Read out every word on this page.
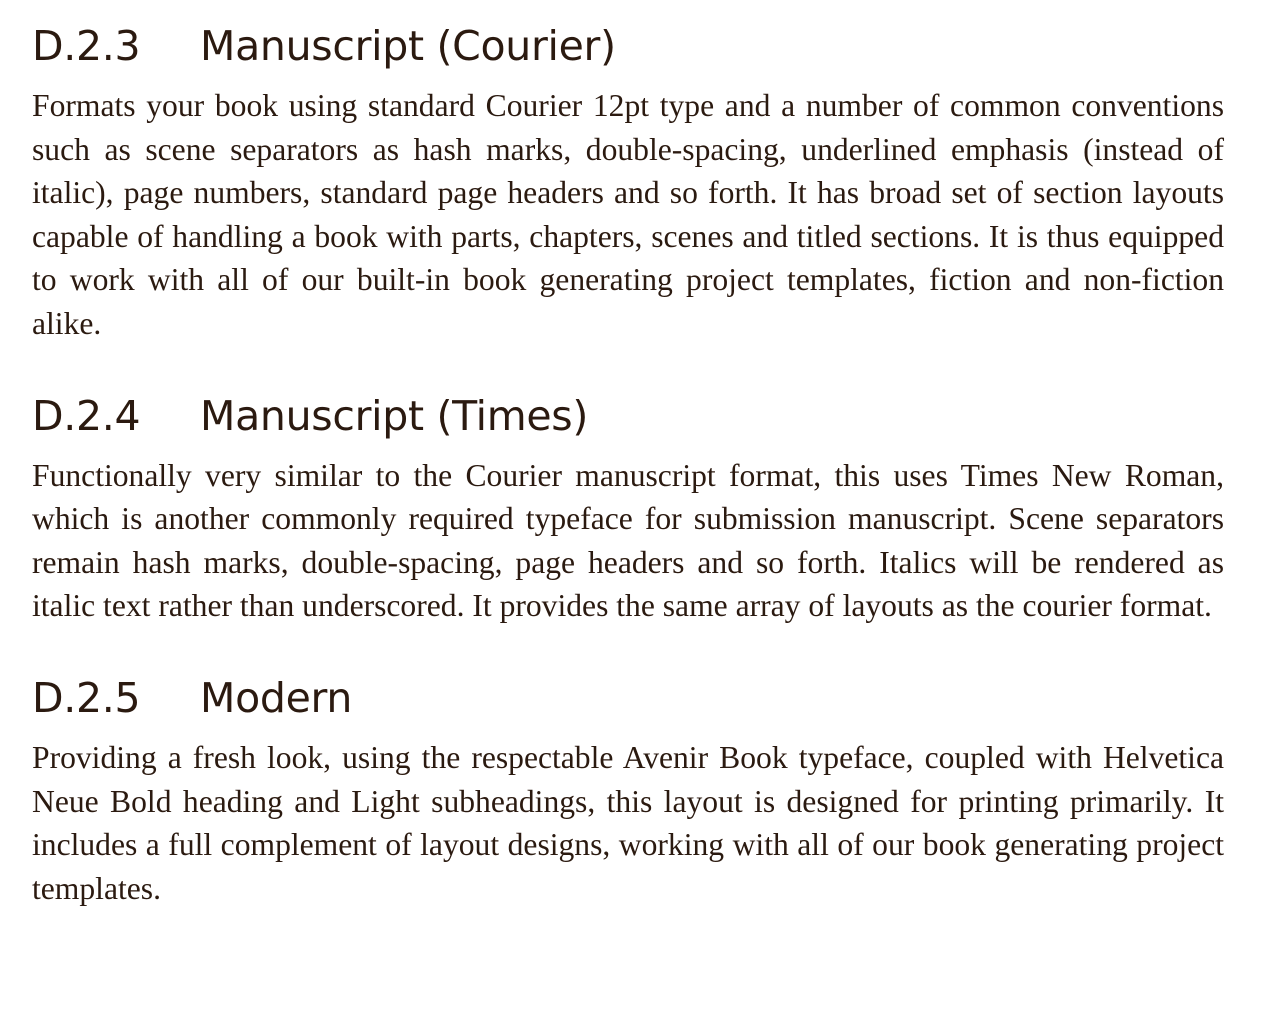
D.2.3	Manuscript (Courier)

Formats your book using standard Courier 12pt type and a number of common conventions such as scene separators as hash marks, double-spacing, underlined emphasis (instead of italic), page numbers, standard page headers and so forth. It has broad set of section layouts capable of handling a book with parts, chapters, scenes and titled sections. It is thus equipped to work with all of our built-in book generating project templates, fiction and non-fiction alike.

D.2.4	Manuscript (Times)

Functionally very similar to the Courier manuscript format, this uses Times New Roman, which is another commonly required typeface for submission manuscript. Scene separators remain hash marks, double-spacing, page headers and so forth. Italics will be rendered as italic text rather than underscored. It provides the same array of layouts as the courier format.

D.2.5	Modern

Providing a fresh look, using the respectable Avenir Book typeface, coupled with Helvetica Neue Bold heading and Light subheadings, this layout is designed for printing primarily. It includes a full complement of layout designs, working with all of our book generating project templates.
